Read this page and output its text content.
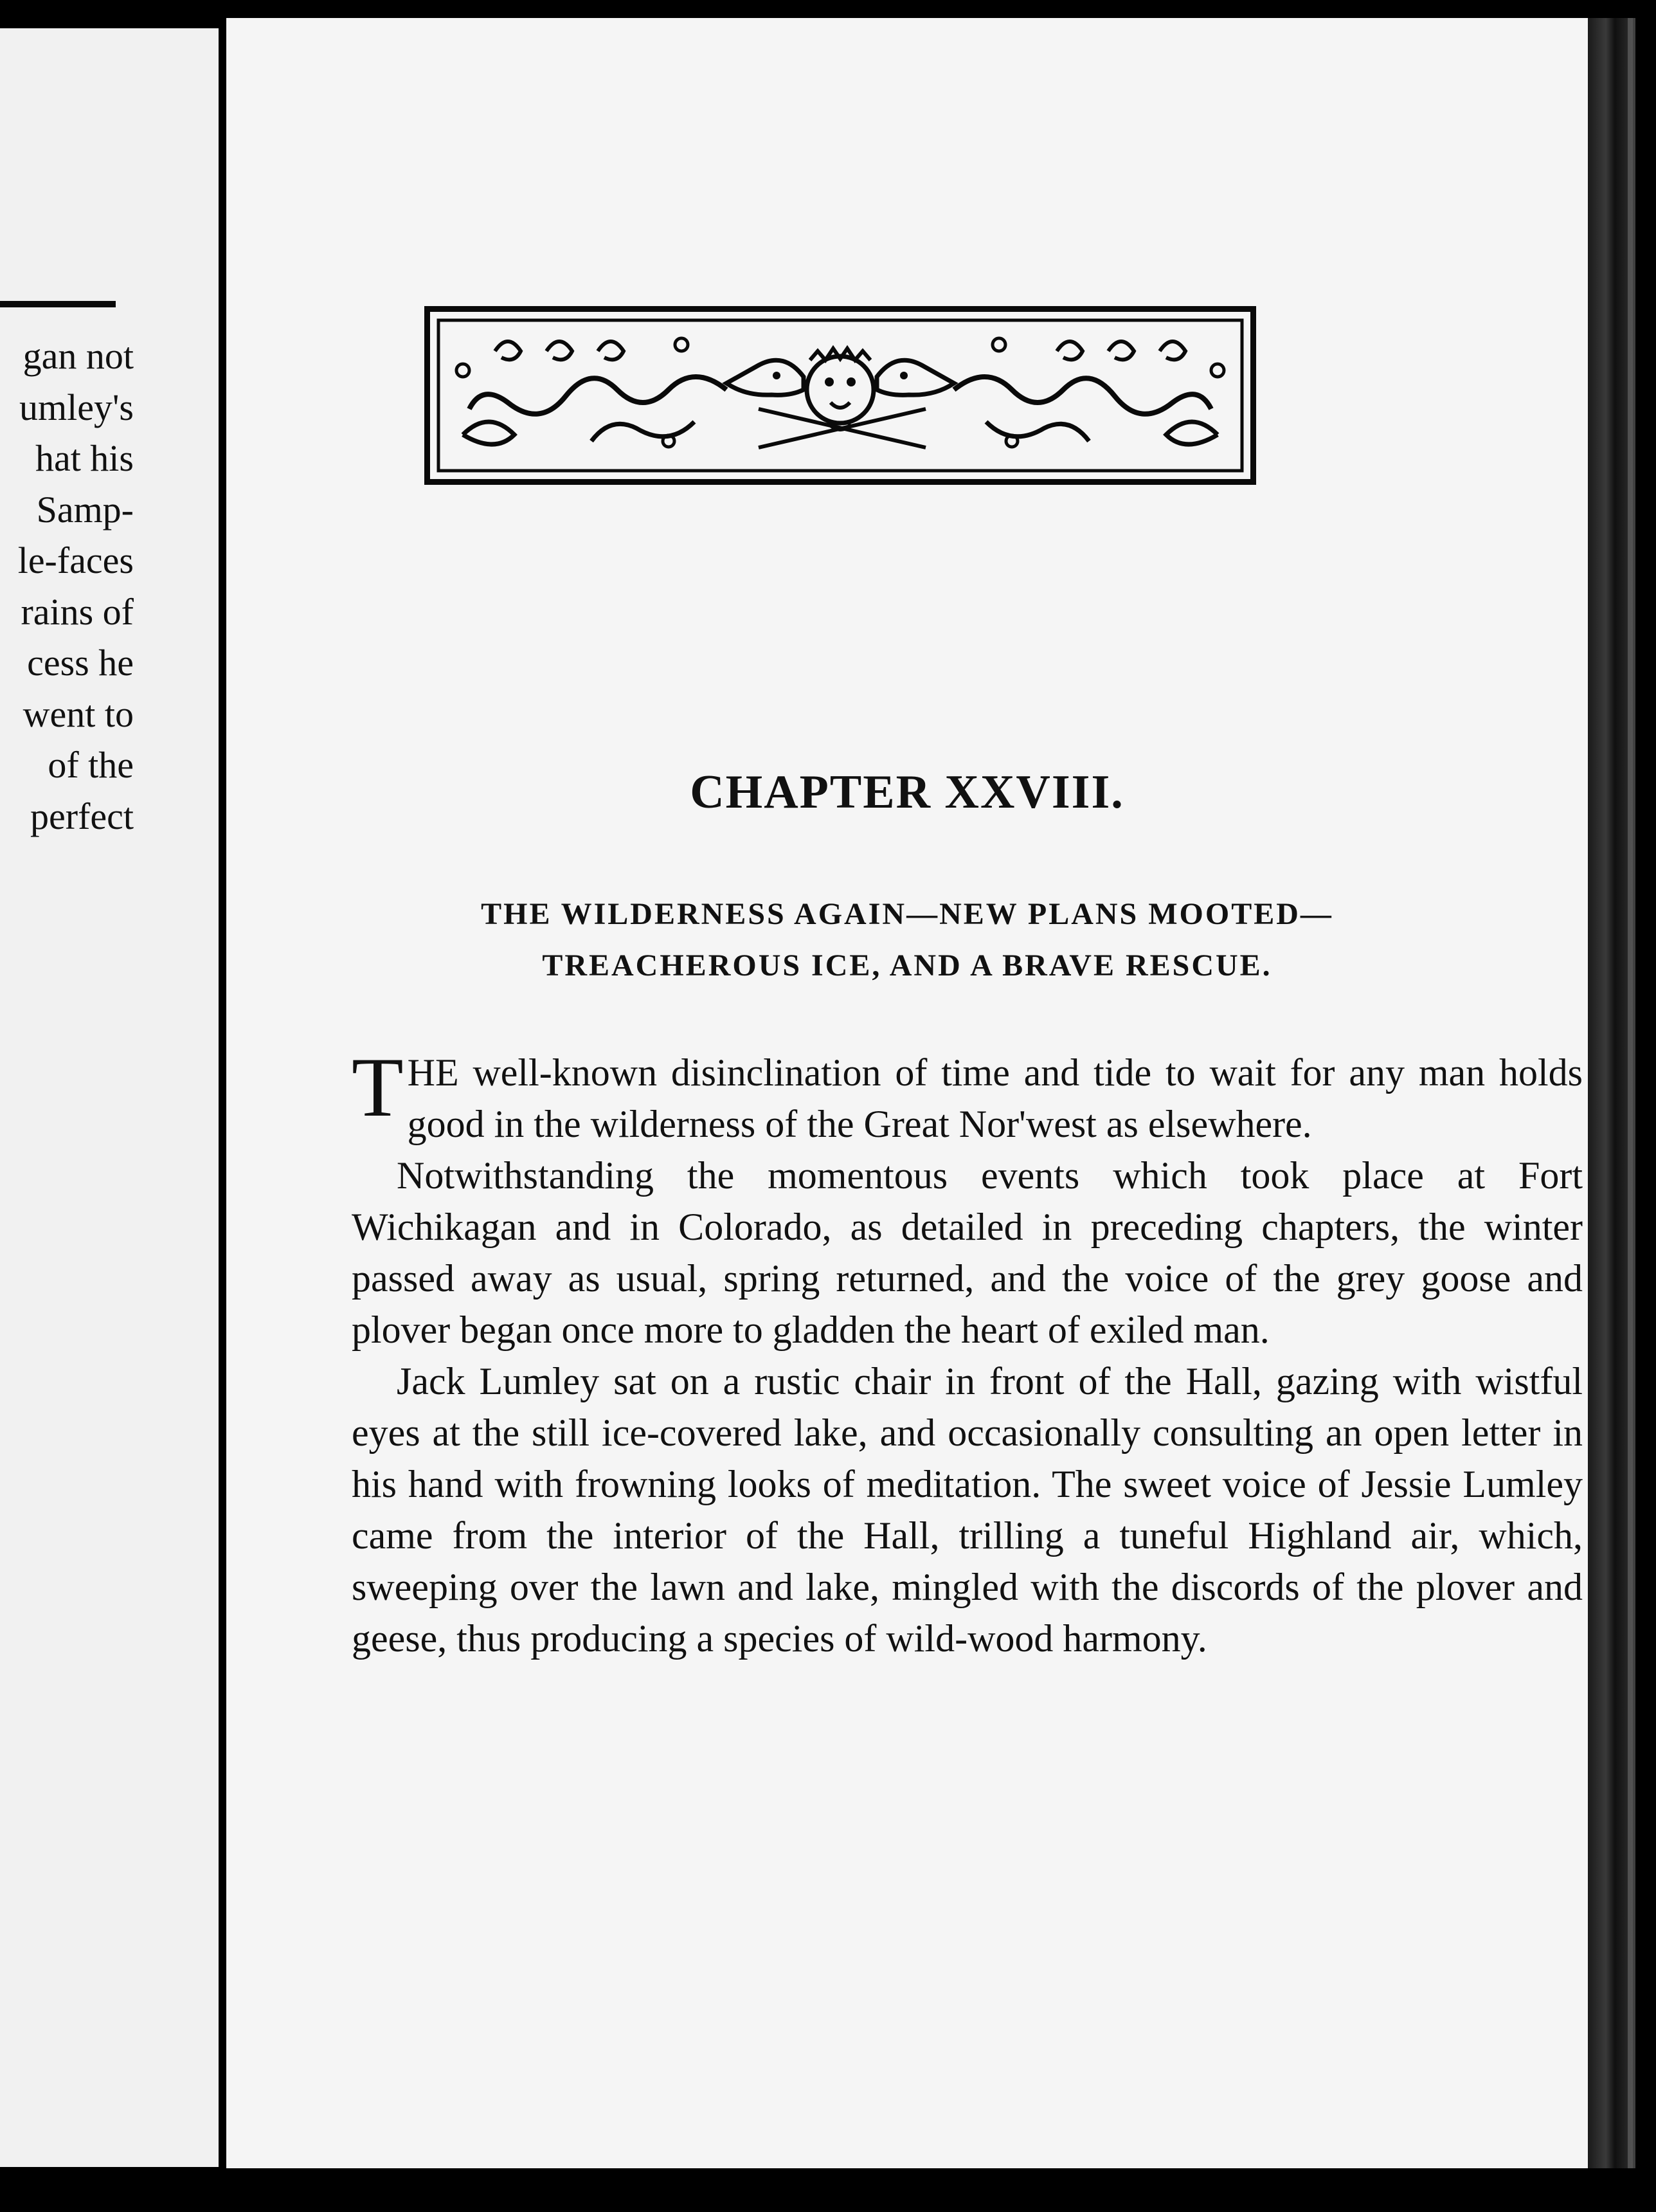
gan not
umley's
hat his
Samp-
le-faces
rains of
cess he
went to
of the
perfect	CHAPTER XXVIII.
THE WILDERNESS AGAIN—NEW PLANS MOOTED—
TREACHEROUS ICE, AND A BRAVE RESCUE.

THE well-known disinclination of time and tide to wait for any man holds good in the wilderness of the Great Nor'west as elsewhere.

Notwithstanding the momentous events which took place at Fort Wichikagan and in Colorado, as detailed in preceding chapters, the winter passed away as usual, spring returned, and the voice of the grey goose and plover began once more to gladden the heart of exiled man.

Jack Lumley sat on a rustic chair in front of the Hall, gazing with wistful eyes at the still ice-covered lake, and occasionally consulting an open letter in his hand with frowning looks of meditation. The sweet voice of Jessie Lumley came from the interior of the Hall, trilling a tuneful Highland air, which, sweeping over the lawn and lake, mingled with the discords of the plover and geese, thus producing a species of wild-wood harmony.
